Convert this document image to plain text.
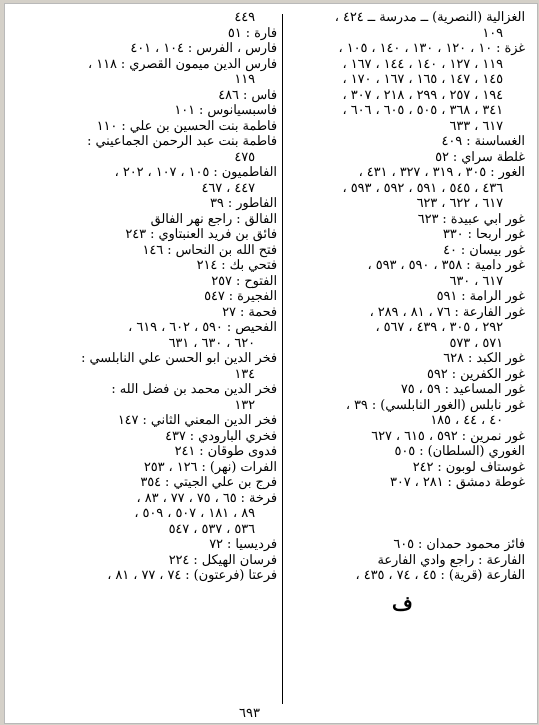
الغزالية (النصرية) ــ مدرسة ــ ٤٢٤ ،
١٠٩
غزة : ١٠ ، ١٢٠ ، ١٣٠ ، ١٤٠ ، ١٠٥ ،
١١٩ ، ١٢٧ ، ١٤٠ ، ١٤٤ ، ١٦٧ ،
١٤٥ ، ١٤٧ ، ١٦٥ ، ١٦٧ ، ١٧٠ ،
١٩٤ ، ٢٥٧ ، ٢٩٩ ، ٢١٨ ، ٣٠٧ ،
٣٤١ ، ٣٦٨ ، ٥٠٥ ، ٦٠٥ ، ٦٠٦ ،
٦١٧ ، ٦٣٣
الغساسنة : ٤٠٩
غلطة سراي : ٥٢
الغور : ٣٠٥ ، ٣١٩ ، ٣٢٧ ، ٤٣١ ،
٤٣٦ ، ٥٤٥ ، ٥٩١ ، ٥٩٢ ، ٥٩٣ ،
٦١٧ ، ٦٢٢ ، ٦٢٣
غور ابي عبيدة : ٦٢٣
غور اربحا : ٣٣٠
غور بيسان : ٤٠
غور دامية : ٣٥٨ ، ٥٩٠ ، ٥٩٣ ،
٦١٧ ، ٦٣٠
غور الرامة : ٥٩١
غور الفارعة : ٧٦ ، ٨١ ، ٢٨٩ ،
٢٩٢ ، ٣٠٥ ، ٤٣٩ ، ٥٦٧ ،
٥٧١ ، ٥٧٣
غور الكبد : ٦٢٨
غور الكفرين : ٥٩٢
غور المساعيد : ٥٩ ، ٧٥
غور نابلس (الغور النابلسي) : ٣٩ ،
٤٠ ، ٤٤ ، ١٨٥
غور نمرين : ٥٩٢ ، ٦١٥ ، ٦٢٧
الغوري (السلطان) : ٥٠٥
غوستاف لوبون : ٢٤٢
غوطة دمشق : ٢٨١ ، ٣٠٧

فائز محمود حمدان : ٦٠٥
الفارعة : راجع وادي الفارعة
الفارعة (قرية) : ٤٥ ، ٧٤ ، ٤٣٥ ،
٤٤٩
فارة : ٥١
فارس ، الفرس : ١٠٤ ، ٤٠١
فارس الدين ميمون القصري : ١١٨ ،
١١٩
فاس : ٤٨٦
فاسبسيانوس : ١٠١
فاطمة بنت الحسين بن علي : ١١٠
فاطمة بنت عبد الرحمن الجماعيني :
٤٧٥
الفاطميون : ١٠٥ ، ١٠٧ ، ٢٠٢ ،
٤٤٧ ، ٤٦٧
الفاطور : ٣٩
الفالق : راجع نهر الفالق
فائق بن فريد العنبتاوي : ٢٤٣
فتح الله بن النحاس : ١٤٦
فتحي بك : ٢١٤
الفتوح : ٢٥٧
الفجيرة : ٥٤٧
فحمة : ٢٧
الفحيص : ٥٩٠ ، ٦٠٢ ، ٦١٩ ،
٦٢٠ ، ٦٣٠ ، ٦٣١
فخر الدين ابو الحسن علي النابلسي :
١٣٤
فخر الدين محمد بن فضل الله :
١٣٢
فخر الدين المعني الثاني : ١٤٧
فخري البارودي : ٤٣٧
فدوى طوقان : ٢٤١
الفرات (نهر) : ١٢٦ ، ٢٥٣
فرج بن علي الجيتي : ٣٥٤
فرخة : ٦٥ ، ٧٥ ، ٧٧ ، ٨٣ ،
٨٩ ، ١٨١ ، ٥٠٧ ، ٥٠٩ ،
٥٣٦ ، ٥٣٧ ، ٥٤٧
فرديسيا : ٧٢
فرسان الهيكل : ٢٢٤
فرعتا (فرعتون) : ٧٤ ، ٧٧ ، ٨١ ،
ف
٦٩٣
